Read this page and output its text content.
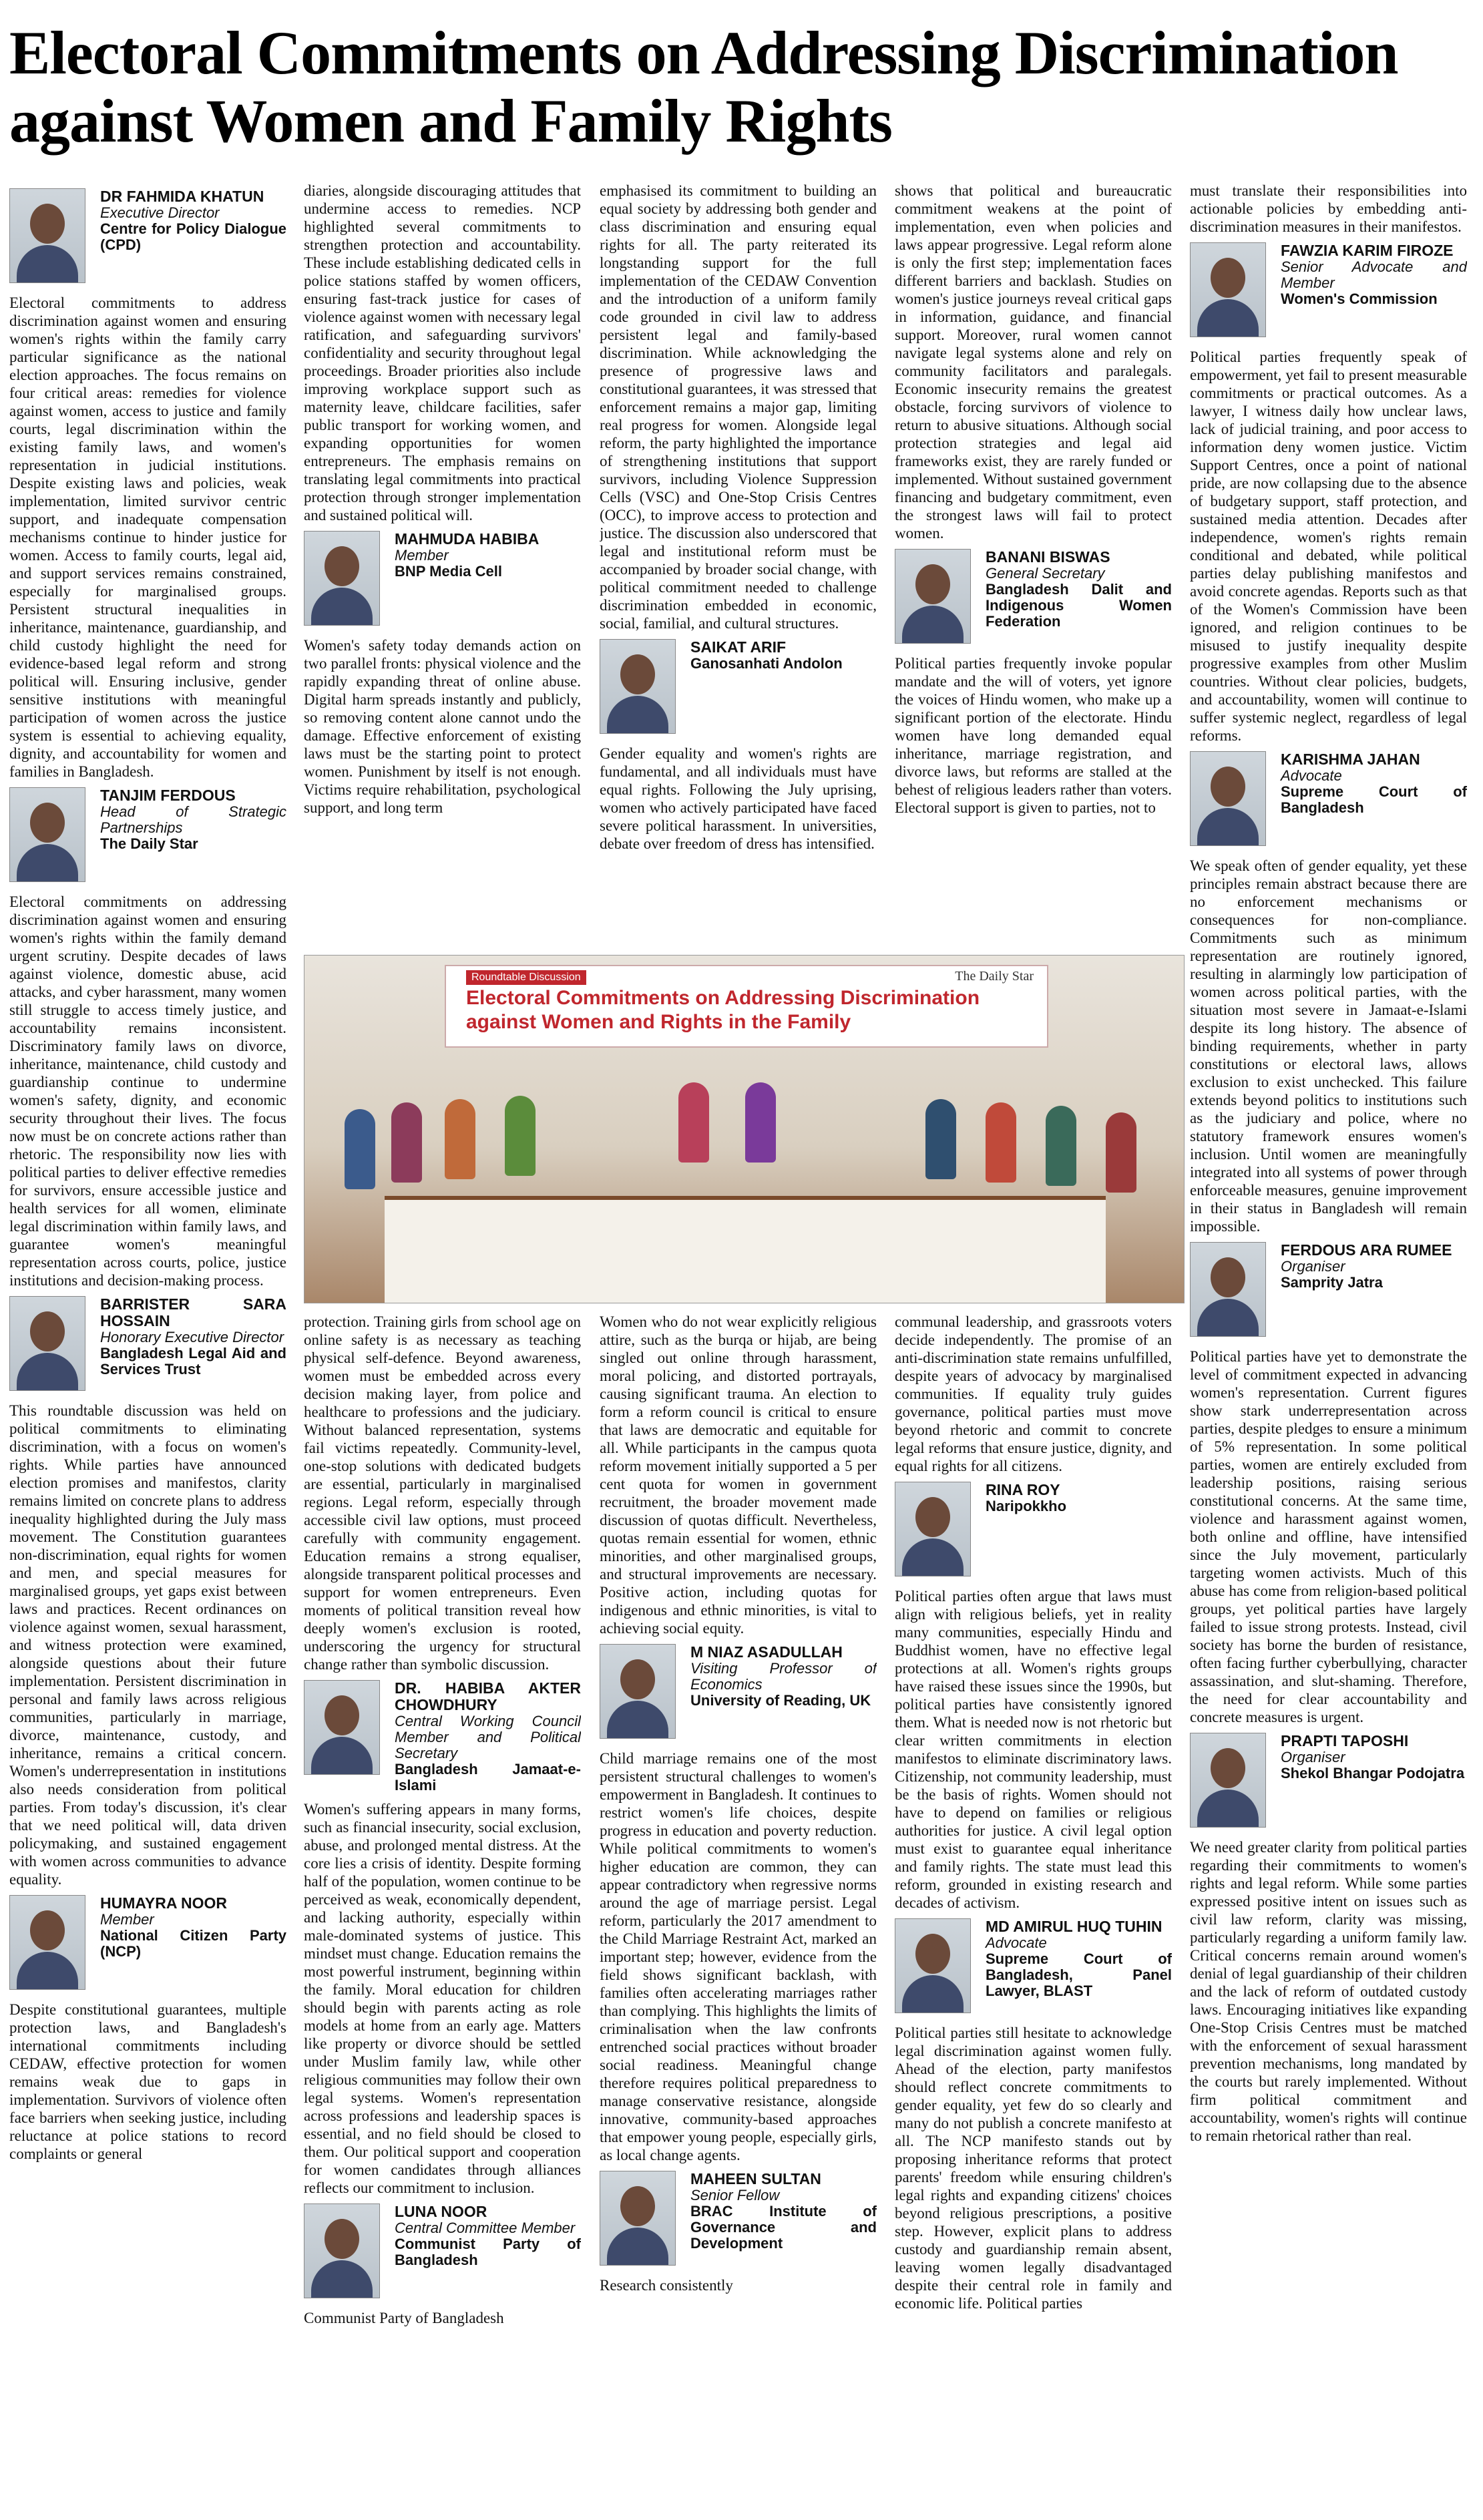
Electoral Commitments on Addressing Discrimination against Women and Family Rights
DR FAHMIDA KHATUN
Executive Director
Centre for Policy Dialogue (CPD)

Electoral commitments to address discrimination against women and ensuring women's rights within the family carry particular significance as the national election approaches. The focus remains on four critical areas: remedies for violence against women, access to justice and family courts, legal discrimination within the existing family laws, and women's representation in judicial institutions. Despite existing laws and policies, weak implementation, limited survivor centric support, and inadequate compensation mechanisms continue to hinder justice for women. Access to family courts, legal aid, and support services remains constrained, especially for marginalised groups. Persistent structural inequalities in inheritance, maintenance, guardianship, and child custody highlight the need for evidence-based legal reform and strong political will. Ensuring inclusive, gender sensitive institutions with meaningful participation of women across the justice system is essential to achieving equality, dignity, and accountability for women and families in Bangladesh.

TANJIM FERDOUS
Head of Strategic Partnerships
The Daily Star

Electoral commitments on addressing discrimination against women and ensuring women's rights within the family demand urgent scrutiny. Despite decades of laws against violence, domestic abuse, acid attacks, and cyber harassment, many women still struggle to access timely justice, and accountability remains inconsistent. Discriminatory family laws on divorce, inheritance, maintenance, child custody and guardianship continue to undermine women's safety, dignity, and economic security throughout their lives. The focus now must be on concrete actions rather than rhetoric. The responsibility now lies with political parties to deliver effective remedies for survivors, ensure accessible justice and health services for all women, eliminate legal discrimination within family laws, and guarantee women's meaningful representation across courts, police, justice institutions and decision-making process.

BARRISTER SARA HOSSAIN
Honorary Executive Director
Bangladesh Legal Aid and Services Trust

This roundtable discussion was held on political commitments to eliminating discrimination, with a focus on women's rights. While parties have announced election promises and manifestos, clarity remains limited on concrete plans to address inequality highlighted during the July mass movement. The Constitution guarantees non-discrimination, equal rights for women and men, and special measures for marginalised groups, yet gaps exist between laws and practices. Recent ordinances on violence against women, sexual harassment, and witness protection were examined, alongside questions about their future implementation. Persistent discrimination in personal and family laws across religious communities, particularly in marriage, divorce, maintenance, custody, and inheritance, remains a critical concern. Women's underrepresentation in institutions also needs consideration from political parties. From today's discussion, it's clear that we need political will, data driven policymaking, and sustained engagement with women across communities to advance equality.

HUMAYRA NOOR
Member
National Citizen Party (NCP)

Despite constitutional guarantees, multiple protection laws, and Bangladesh's international commitments including CEDAW, effective protection for women remains weak due to gaps in implementation. Survivors of violence often face barriers when seeking justice, including reluctance at police stations to record complaints or general

diaries, alongside discouraging attitudes that undermine access to remedies. NCP highlighted several commitments to strengthen protection and accountability. These include establishing dedicated cells in police stations staffed by women officers, ensuring fast-track justice for cases of violence against women with necessary legal ratification, and safeguarding survivors' confidentiality and security throughout legal proceedings. Broader priorities also include improving workplace support such as maternity leave, childcare facilities, safer public transport for working women, and expanding opportunities for women entrepreneurs. The emphasis remains on translating legal commitments into practical protection through stronger implementation and sustained political will.

MAHMUDA HABIBA
Member
BNP Media Cell

Women's safety today demands action on two parallel fronts: physical violence and the rapidly expanding threat of online abuse. Digital harm spreads instantly and publicly, so removing content alone cannot undo the damage. Effective enforcement of existing laws must be the starting point to protect women. Punishment by itself is not enough. Victims require rehabilitation, psychological support, and long term

emphasised its commitment to building an equal society by addressing both gender and class discrimination and ensuring equal rights for all. The party reiterated its longstanding support for the full implementation of the CEDAW Convention and the introduction of a uniform family code grounded in civil law to address persistent legal and family-based discrimination. While acknowledging the presence of progressive laws and constitutional guarantees, it was stressed that enforcement remains a major gap, limiting real progress for women. Alongside legal reform, the party highlighted the importance of strengthening institutions that support survivors, including Violence Suppression Cells (VSC) and One-Stop Crisis Centres (OCC), to improve access to protection and justice. The discussion also underscored that legal and institutional reform must be accompanied by broader social change, with political commitment needed to challenge discrimination embedded in economic, social, familial, and cultural structures.

SAIKAT ARIF
Ganosanhati Andolon

Gender equality and women's rights are fundamental, and all individuals must have equal rights. Following the July uprising, women who actively participated have faced severe political harassment. In universities, debate over freedom of dress has intensified.

shows that political and bureaucratic commitment weakens at the point of implementation, even when policies and laws appear progressive. Legal reform alone is only the first step; implementation faces different barriers and backlash. Studies on women's justice journeys reveal critical gaps in information, guidance, and financial support. Moreover, rural women cannot navigate legal systems alone and rely on community facilitators and paralegals. Economic insecurity remains the greatest obstacle, forcing survivors of violence to return to abusive situations. Although social protection strategies and legal aid frameworks exist, they are rarely funded or implemented. Without sustained government financing and budgetary commitment, even the strongest laws will fail to protect women.

BANANI BISWAS
General Secretary
Bangladesh Dalit and Indigenous Women Federation

Political parties frequently invoke popular mandate and the will of voters, yet ignore the voices of Hindu women, who make up a significant portion of the electorate. Hindu women have long demanded equal inheritance, marriage registration, and divorce laws, but reforms are stalled at the behest of religious leaders rather than voters. Electoral support is given to parties, not to

Roundtable Discussion	The Daily Star
Electoral Commitments on Addressing Discrimination against Women and Rights in the Family

protection. Training girls from school age on online safety is as necessary as teaching physical self-defence. Beyond awareness, women must be embedded across every decision making layer, from police and healthcare to professions and the judiciary. Without balanced representation, systems fail victims repeatedly. Community-level, one-stop solutions with dedicated budgets are essential, particularly in marginalised regions. Legal reform, especially through accessible civil law options, must proceed carefully with community engagement. Education remains a strong equaliser, alongside transparent political processes and support for women entrepreneurs. Even moments of political transition reveal how deeply women's exclusion is rooted, underscoring the urgency for structural change rather than symbolic discussion.

DR. HABIBA AKTER CHOWDHURY
Central Working Council Member and Political Secretary
Bangladesh Jamaat-e-Islami

Women's suffering appears in many forms, such as financial insecurity, social exclusion, abuse, and prolonged mental distress. At the core lies a crisis of identity. Despite forming half of the population, women continue to be perceived as weak, economically dependent, and lacking authority, especially within male-dominated systems of justice. This mindset must change. Education remains the most powerful instrument, beginning within the family. Moral education for children should begin with parents acting as role models at home from an early age. Matters like property or divorce should be settled under Muslim family law, while other religious communities may follow their own legal systems. Women's representation across professions and leadership spaces is essential, and no field should be closed to them. Our political support and cooperation for women candidates through alliances reflects our commitment to inclusion.

LUNA NOOR
Central Committee Member
Communist Party of Bangladesh

Communist Party of Bangladesh

Women who do not wear explicitly religious attire, such as the burqa or hijab, are being singled out online through harassment, moral policing, and distorted portrayals, causing significant trauma. An election to form a reform council is critical to ensure that laws are democratic and equitable for all. While participants in the campus quota reform movement initially supported a 5 per cent quota for women in government recruitment, the broader movement made discussion of quotas difficult. Nevertheless, quotas remain essential for women, ethnic minorities, and other marginalised groups, and structural improvements are necessary. Positive action, including quotas for indigenous and ethnic minorities, is vital to achieving social equity.

M NIAZ ASADULLAH
Visiting Professor of Economics
University of Reading, UK

Child marriage remains one of the most persistent structural challenges to women's empowerment in Bangladesh. It continues to restrict women's life choices, despite progress in education and poverty reduction. While political commitments to women's higher education are common, they can appear contradictory when regressive norms around the age of marriage persist. Legal reform, particularly the 2017 amendment to the Child Marriage Restraint Act, marked an important step; however, evidence from the field shows significant backlash, with families often accelerating marriages rather than complying. This highlights the limits of criminalisation when the law confronts entrenched social practices without broader social readiness. Meaningful change therefore requires political preparedness to manage conservative resistance, alongside innovative, community-based approaches that empower young people, especially girls, as local change agents.

MAHEEN SULTAN
Senior Fellow
BRAC Institute of Governance and Development

Research consistently

communal leadership, and grassroots voters decide independently. The promise of an anti-discrimination state remains unfulfilled, despite years of advocacy by marginalised communities. If equality truly guides governance, political parties must move beyond rhetoric and commit to concrete legal reforms that ensure justice, dignity, and equal rights for all citizens.

RINA ROY
Naripokkho

Political parties often argue that laws must align with religious beliefs, yet in reality many communities, especially Hindu and Buddhist women, have no effective legal protections at all. Women's rights groups have raised these issues since the 1990s, but political parties have consistently ignored them. What is needed now is not rhetoric but clear written commitments in election manifestos to eliminate discriminatory laws. Citizenship, not community leadership, must be the basis of rights. Women should not have to depend on families or religious authorities for justice. A civil legal option must exist to guarantee equal inheritance and family rights. The state must lead this reform, grounded in existing research and decades of activism.

MD AMIRUL HUQ TUHIN
Advocate
Supreme Court of Bangladesh, Panel Lawyer, BLAST

Political parties still hesitate to acknowledge legal discrimination against women fully. Ahead of the election, party manifestos should reflect concrete commitments to gender equality, yet few do so clearly and many do not publish a concrete manifesto at all. The NCP manifesto stands out by proposing inheritance reforms that protect parents' freedom while ensuring children's legal rights and expanding citizens' choices beyond religious prescriptions, a positive step. However, explicit plans to address custody and guardianship remain absent, leaving women legally disadvantaged despite their central role in family and economic life. Political parties

must translate their responsibilities into actionable policies by embedding anti-discrimination measures in their manifestos.

FAWZIA KARIM FIROZE
Senior Advocate and Member
Women's Commission

Political parties frequently speak of empowerment, yet fail to present measurable commitments or practical outcomes. As a lawyer, I witness daily how unclear laws, lack of judicial training, and poor access to information deny women justice. Victim Support Centres, once a point of national pride, are now collapsing due to the absence of budgetary support, staff protection, and sustained media attention. Decades after independence, women's rights remain conditional and debated, while political parties delay publishing manifestos and avoid concrete agendas. Reports such as that of the Women's Commission have been ignored, and religion continues to be misused to justify inequality despite progressive examples from other Muslim countries. Without clear policies, budgets, and accountability, women will continue to suffer systemic neglect, regardless of legal reforms.

KARISHMA JAHAN
Advocate
Supreme Court of Bangladesh

We speak often of gender equality, yet these principles remain abstract because there are no enforcement mechanisms or consequences for non-compliance. Commitments such as minimum representation are routinely ignored, resulting in alarmingly low participation of women across political parties, with the situation most severe in Jamaat-e-Islami despite its long history. The absence of binding requirements, whether in party constitutions or electoral laws, allows exclusion to exist unchecked. This failure extends beyond politics to institutions such as the judiciary and police, where no statutory framework ensures women's inclusion. Until women are meaningfully integrated into all systems of power through enforceable measures, genuine improvement in their status in Bangladesh will remain impossible.

FERDOUS ARA RUMEE
Organiser
Samprity Jatra

Political parties have yet to demonstrate the level of commitment expected in advancing women's representation. Current figures show stark underrepresentation across parties, despite pledges to ensure a minimum of 5% representation. In some political parties, women are entirely excluded from leadership positions, raising serious constitutional concerns. At the same time, violence and harassment against women, both online and offline, have intensified since the July movement, particularly targeting women activists. Much of this abuse has come from religion-based political groups, yet political parties have largely failed to issue strong protests. Instead, civil society has borne the burden of resistance, often facing further cyberbullying, character assassination, and slut-shaming. Therefore, the need for clear accountability and concrete measures is urgent.

PRAPTI TAPOSHI
Organiser
Shekol Bhangar Podojatra

We need greater clarity from political parties regarding their commitments to women's rights and legal reform. While some parties expressed positive intent on issues such as civil law reform, clarity was missing, particularly regarding a uniform family law. Critical concerns remain around women's denial of legal guardianship of their children and the lack of reform of outdated custody laws. Encouraging initiatives like expanding One-Stop Crisis Centres must be matched with the enforcement of sexual harassment prevention mechanisms, long mandated by the courts but rarely implemented. Without firm political commitment and accountability, women's rights will continue to remain rhetorical rather than real.
